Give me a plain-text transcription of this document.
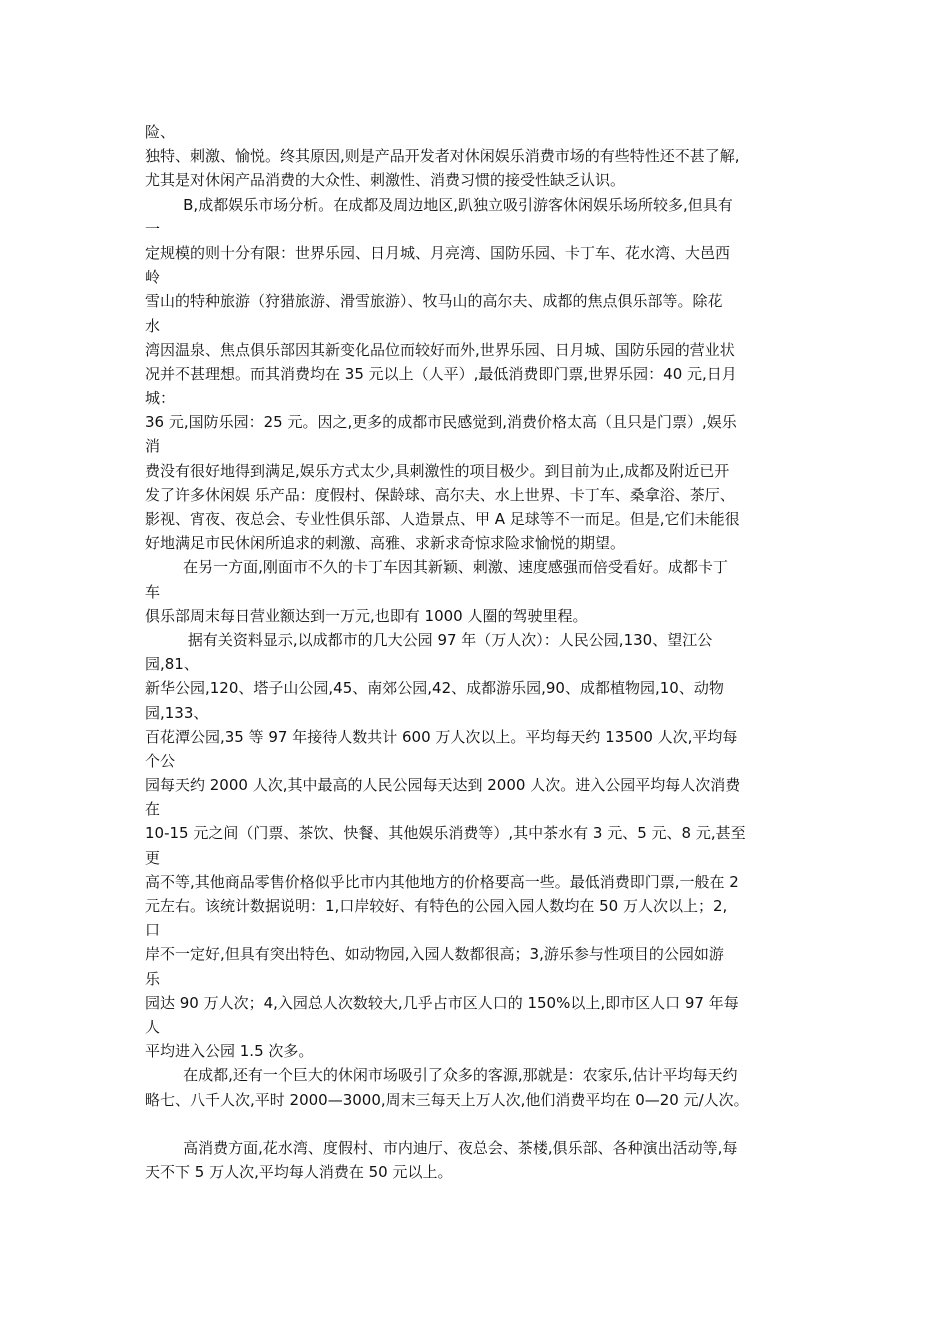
险、
独特、刺激、愉悦。终其原因,则是产品开发者对休闲娱乐消费市场的有些特性还不甚了解,
尤其是对休闲产品消费的大众性、刺激性、消费习惯的接受性缺乏认识。
B,成都娱乐市场分析。在成都及周边地区,趴独立吸引游客休闲娱乐场所较多,但具有
一
定规模的则十分有限：世界乐园、日月城、月亮湾、国防乐园、卡丁车、花水湾、大邑西
岭
雪山的特种旅游（狩猎旅游、滑雪旅游）、牧马山的高尔夫、成都的焦点俱乐部等。除花
水
湾因温泉、焦点俱乐部因其新变化品位而较好而外,世界乐园、日月城、国防乐园的营业状
况并不甚理想。而其消费均在 35 元以上（人平）,最低消费即门票,世界乐园：40 元,日月
城：
36 元,国防乐园：25 元。因之,更多的成都市民感觉到,消费价格太高（且只是门票）,娱乐
消
费没有很好地得到满足,娱乐方式太少,具刺激性的项目极少。到目前为止,成都及附近已开
发了许多休闲娱 乐产品：度假村、保龄球、高尔夫、水上世界、卡丁车、桑拿浴、茶厅、
影视、宵夜、夜总会、专业性俱乐部、人造景点、甲 A 足球等不一而足。但是,它们未能很
好地满足市民休闲所追求的刺激、高雅、求新求奇惊求险求愉悦的期望。
在另一方面,刚面市不久的卡丁车因其新颖、刺激、速度感强而倍受看好。成都卡丁
车
俱乐部周末每日营业额达到一万元,也即有 1000 人圈的驾驶里程。
据有关资料显示,以成都市的几大公园 97 年（万人次）：人民公园,130、望江公
园,81、
新华公园,120、塔子山公园,45、南郊公园,42、成都游乐园,90、成都植物园,10、动物
园,133、
百花潭公园,35 等 97 年接待人数共计 600 万人次以上。平均每天约 13500 人次,平均每
个公
园每天约 2000 人次,其中最高的人民公园每天达到 2000 人次。进入公园平均每人次消费
在
10-15 元之间（门票、茶饮、快餐、其他娱乐消费等）,其中茶水有 3 元、5 元、8 元,甚至
更
高不等,其他商品零售价格似乎比市内其他地方的价格要高一些。最低消费即门票,一般在 2
元左右。该统计数据说明：1,口岸较好、有特色的公园入园人数均在 50 万人次以上；2,
口
岸不一定好,但具有突出特色、如动物园,入园人数都很高；3,游乐参与性项目的公园如游
乐
园达 90 万人次；4,入园总人次数较大,几乎占市区人口的 150%以上,即市区人口 97 年每
人
平均进入公园 1.5 次多。
在成都,还有一个巨大的休闲市场吸引了众多的客源,那就是：农家乐,估计平均每天约
略七、八千人次,平时 2000—3000,周末三每天上万人次,他们消费平均在 0—20 元/人次。
高消费方面,花水湾、度假村、市内迪厅、夜总会、茶楼,俱乐部、各种演出活动等,每
天不下 5 万人次,平均每人消费在 50 元以上。
